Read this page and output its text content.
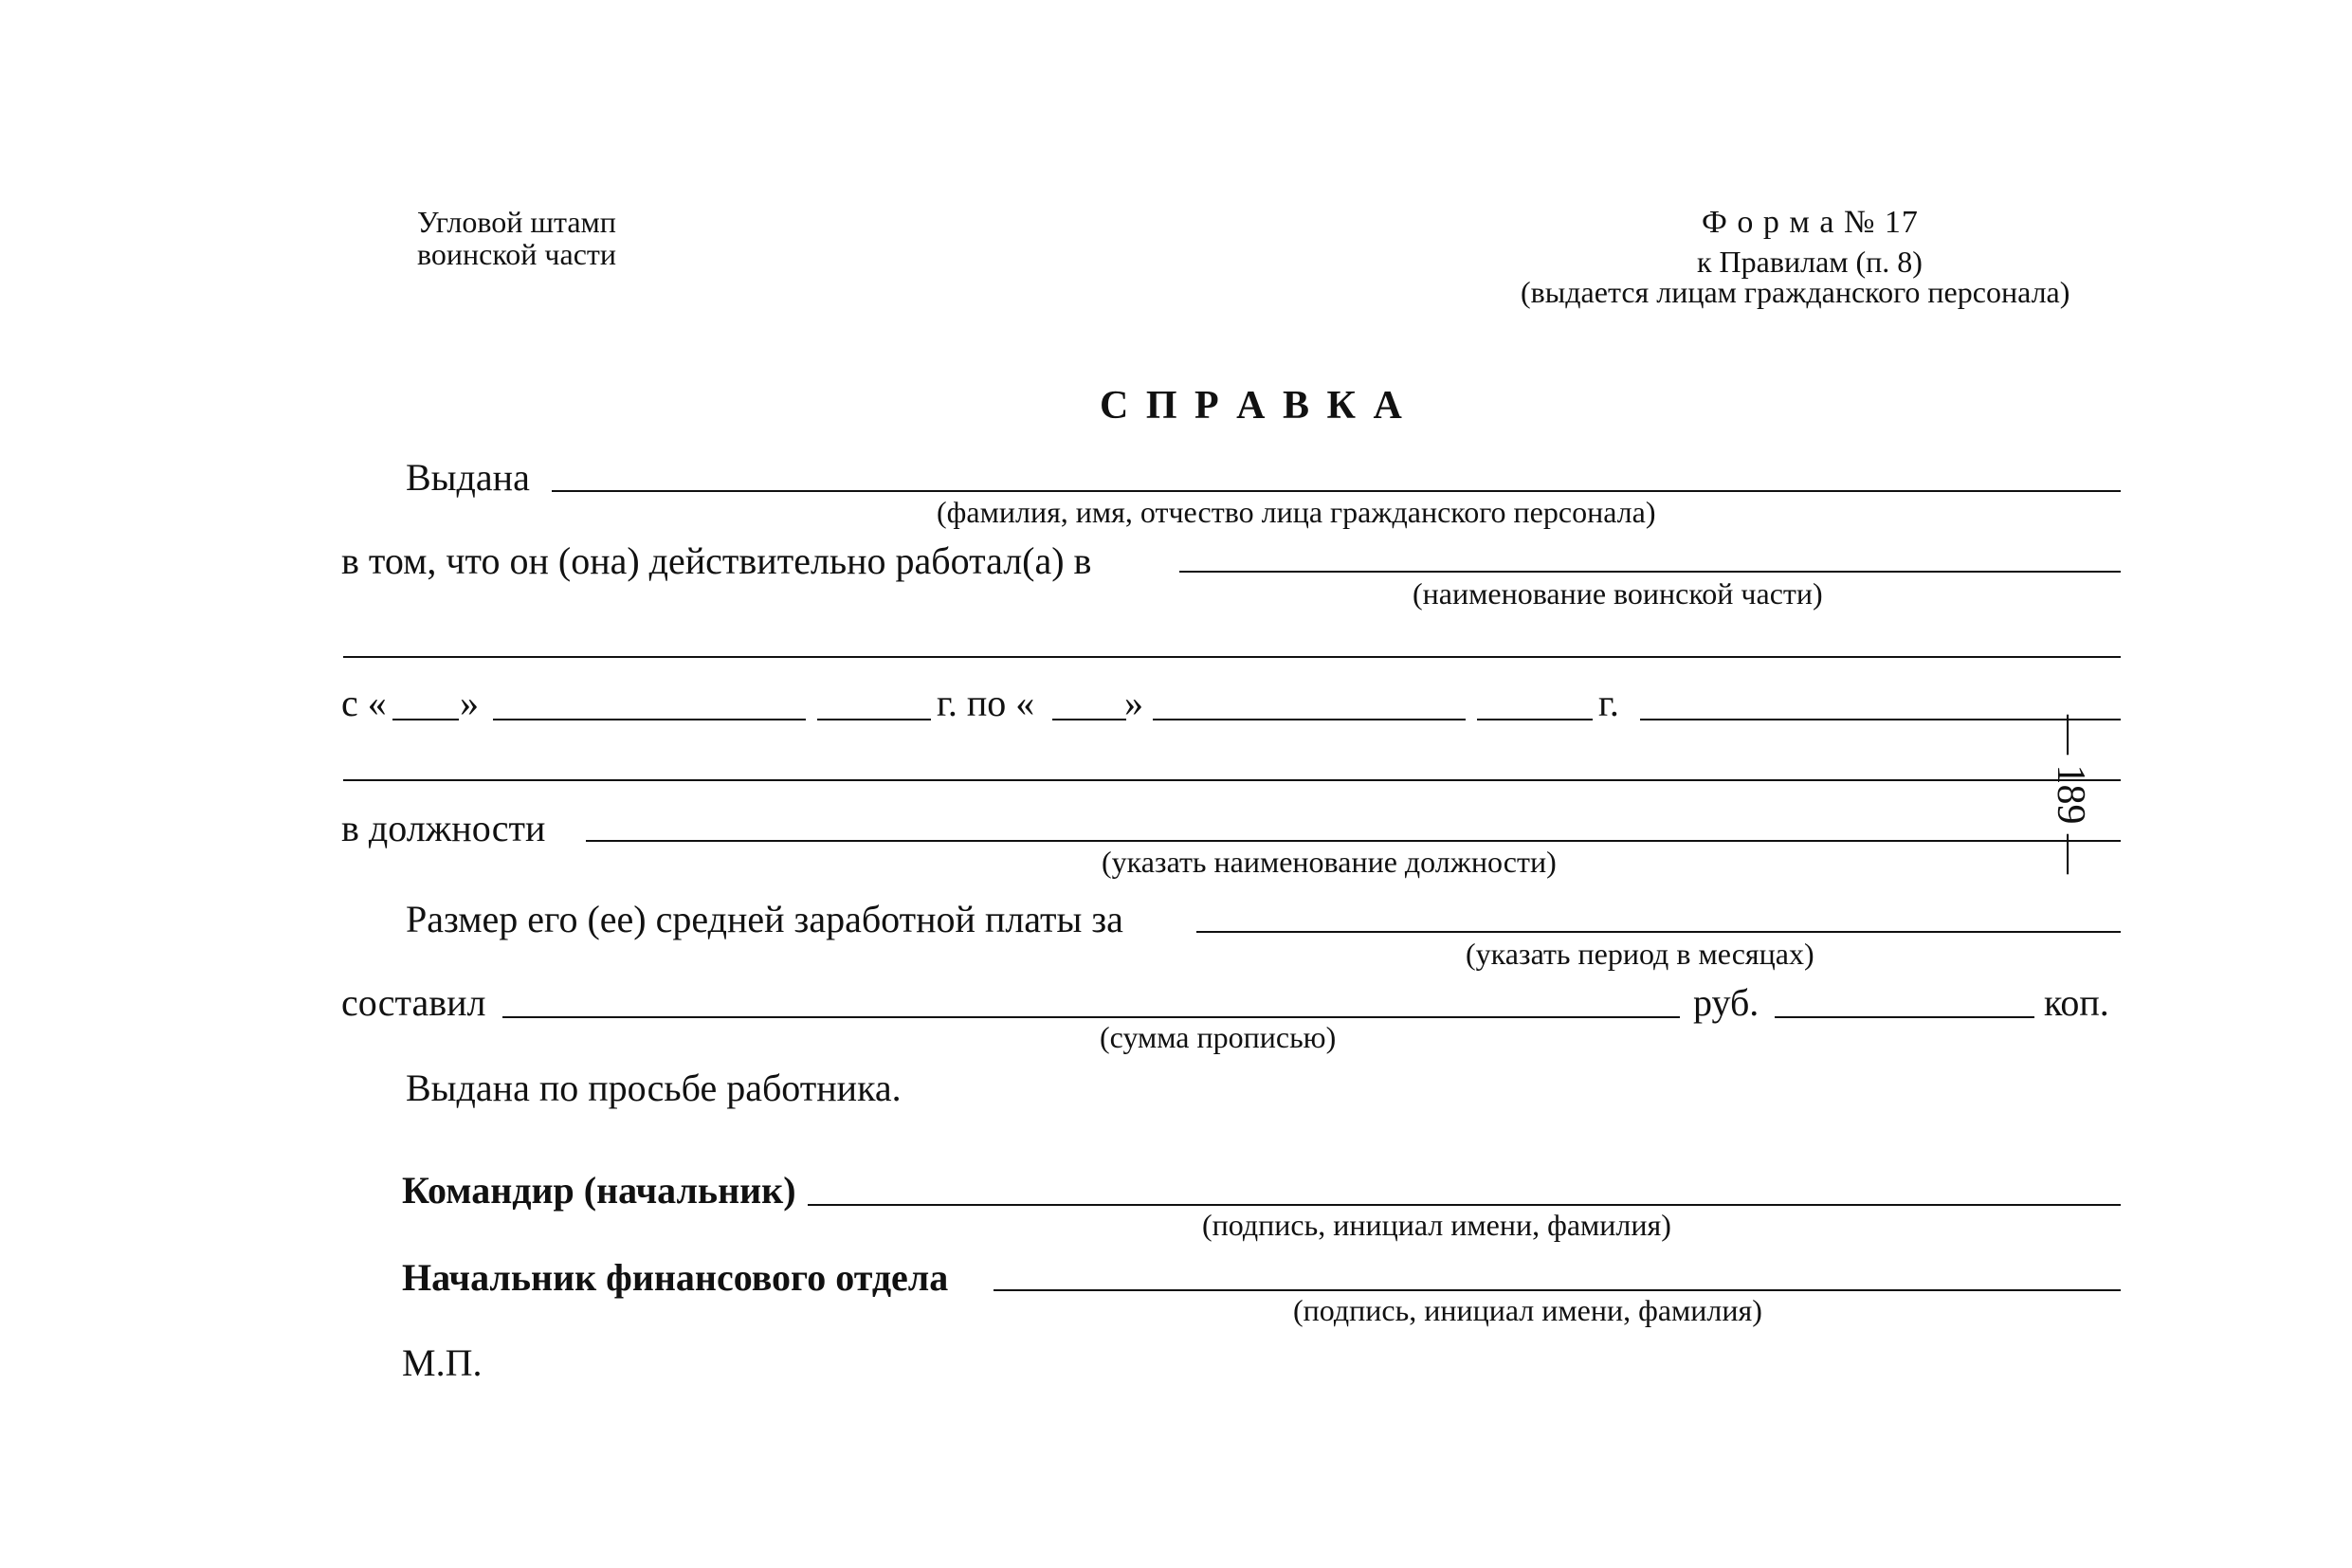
Угловой штамп
воинской части
Ф о р м а № 17
к Правилам (п. 8)
(выдается лицам гражданского персонала)
С П Р А В К А
Выдана
(фамилия, имя, отчество лица гражданского персонала)
в том, что он (она) действительно работал(а) в
(наименование воинской части)
с « »	г. по « »	г.
в должности
(указать наименование должности)
Размер его (ее) средней заработной платы за
(указать период в месяцах)
составил	руб.	коп.
(сумма прописью)
Выдана по просьбе работника.
Командир (начальник)
(подпись, инициал имени, фамилия)
Начальник финансового отдела
(подпись, инициал имени, фамилия)
М.П.
— 189 —
